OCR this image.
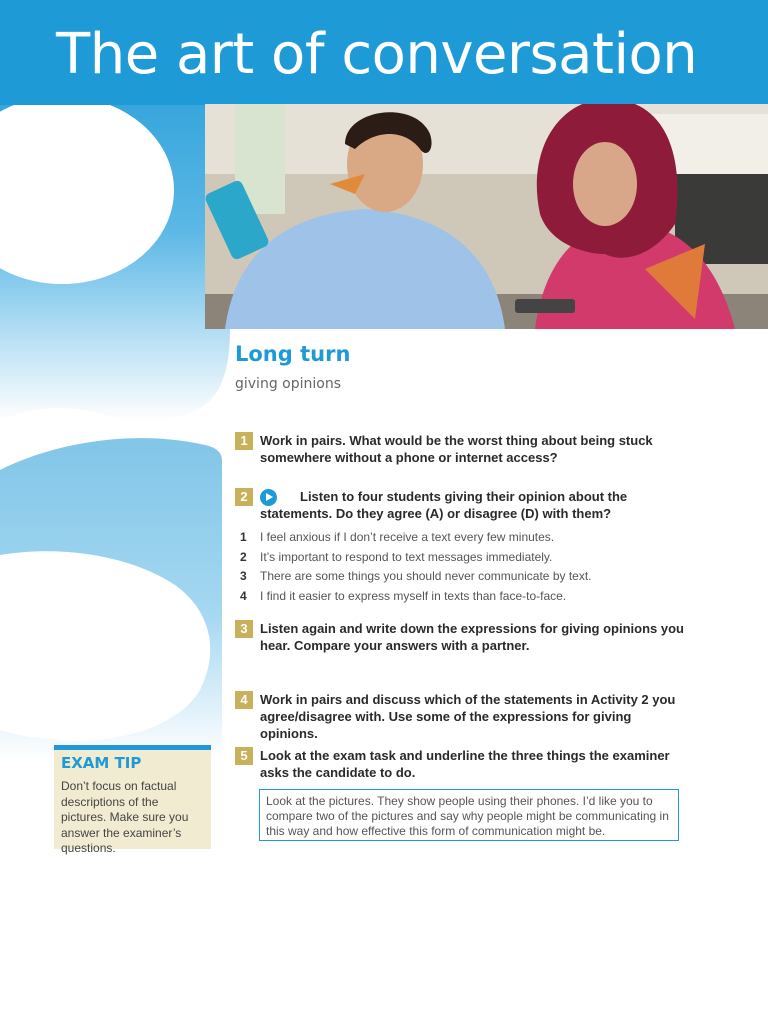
The art of conversation
Long turn
giving opinions
1 Work in pairs. What would be the worst thing about being stuck somewhere without a phone or internet access?
2	Listen to four students giving their opinion about the statements. Do they agree (A) or disagree (D) with them?
1 I feel anxious if I don’t receive a text every few minutes.
2 It’s important to respond to text messages immediately.
3 There are some things you should never communicate by text.
4 I find it easier to express myself in texts than face-to-face.
3 Listen again and write down the expressions for giving opinions you hear. Compare your answers with a partner.
4 Work in pairs and discuss which of the statements in Activity 2 you agree/disagree with. Use some of the expressions for giving opinions.
5 Look at the exam task and underline the three things the examiner asks the candidate to do.
Look at the pictures. They show people using their phones. I’d like you to compare two of the pictures and say why people might be communicating in this way and how effective this form of communication might be.
EXAM TIP
Don’t focus on factual descriptions of the pictures. Make sure you answer the examiner’s questions.
